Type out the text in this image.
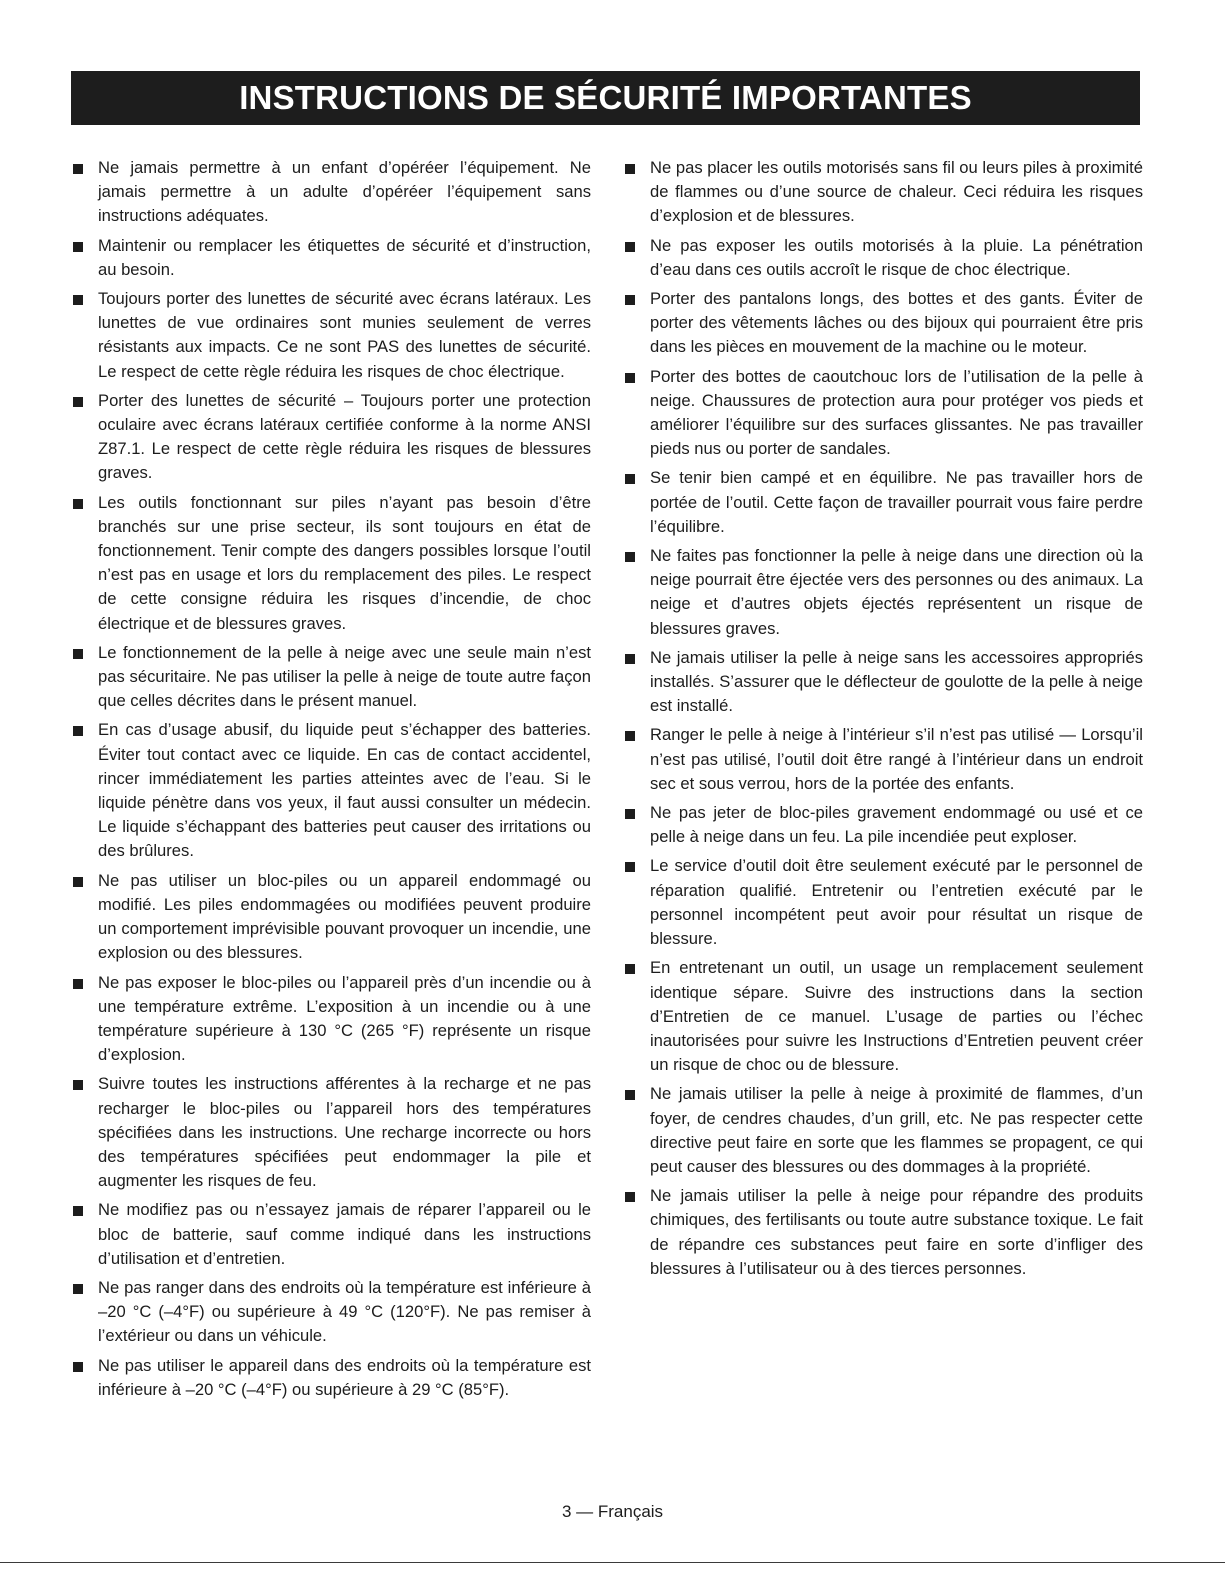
INSTRUCTIONS DE SÉCURITÉ IMPORTANTES
Ne jamais permettre à un enfant d’opéréer l’équipement. Ne jamais permettre à un adulte d’opéréer l’équipement sans instructions adéquates.
Maintenir ou remplacer les étiquettes de sécurité et d’instruction, au besoin.
Toujours porter des lunettes de sécurité avec écrans latéraux. Les lunettes de vue ordinaires sont munies seulement de verres résistants aux impacts. Ce ne sont PAS des lunettes de sécurité. Le respect de cette règle réduira les risques de choc électrique.
Porter des lunettes de sécurité – Toujours porter une protection oculaire avec écrans latéraux certifiée conforme à la norme ANSI Z87.1. Le respect de cette règle réduira les risques de blessures graves.
Les outils fonctionnant sur piles n’ayant pas besoin d’être branchés sur une prise secteur, ils sont toujours en état de fonctionnement. Tenir compte des dangers possibles lorsque l’outil n’est pas en usage et lors du remplacement des piles. Le respect de cette consigne réduira les risques d’incendie, de choc électrique et de blessures graves.
Le fonctionnement de la pelle à neige avec une seule main n’est pas sécuritaire. Ne pas utiliser la pelle à neige de toute autre façon que celles décrites dans le présent manuel.
En cas d’usage abusif, du liquide peut s’échapper des batteries. Éviter tout contact avec ce liquide. En cas de contact accidentel, rincer immédiatement les parties atteintes avec de l’eau. Si le liquide pénètre dans vos yeux, il faut aussi consulter un médecin. Le liquide s’échappant des batteries peut causer des irritations ou des brûlures.
Ne pas utiliser un bloc-piles ou un appareil endommagé ou modifié. Les piles endommagées ou modifiées peuvent produire un comportement imprévisible pouvant provoquer un incendie, une explosion ou des blessures.
Ne pas exposer le bloc-piles ou l’appareil près d’un incendie ou à une température extrême. L’exposition à un incendie ou à une température supérieure à 130 °C (265 °F) représente un risque d’explosion.
Suivre toutes les instructions afférentes à la recharge et ne pas recharger le bloc-piles ou l’appareil hors des températures spécifiées dans les instructions. Une recharge incorrecte ou hors des températures spécifiées peut endommager la pile et augmenter les risques de feu.
Ne modifiez pas ou n’essayez jamais de réparer l’appareil ou le bloc de batterie, sauf comme indiqué dans les instructions d’utilisation et d’entretien.
Ne pas ranger dans des endroits où la température est inférieure à –20 °C (–4°F) ou supérieure à 49 °C (120°F). Ne pas remiser à l’extérieur ou dans un véhicule.
Ne pas utiliser le appareil dans des endroits où la température est inférieure à –20 °C (–4°F) ou supérieure à 29 °C (85°F).
Ne pas placer les outils motorisés sans fil ou leurs piles à proximité de flammes ou d’une source de chaleur. Ceci réduira les risques d’explosion et de blessures.
Ne pas exposer les outils motorisés à la pluie. La pénétration d’eau dans ces outils accroît le risque de choc électrique.
Porter des pantalons longs, des bottes et des gants. Éviter de porter des vêtements lâches ou des bijoux qui pourraient être pris dans les pièces en mouvement de la machine ou le moteur.
Porter des bottes de caoutchouc lors de l’utilisation de la pelle à neige. Chaussures de protection aura pour protéger vos pieds et améliorer l’équilibre sur des surfaces glissantes. Ne pas travailler pieds nus ou porter de sandales.
Se tenir bien campé et en équilibre. Ne pas travailler hors de portée de l’outil. Cette façon de travailler pourrait vous faire perdre l’équilibre.
Ne faites pas fonctionner la pelle à neige dans une direction où la neige pourrait être éjectée vers des personnes ou des animaux. La neige et d’autres objets éjectés représentent un risque de blessures graves.
Ne jamais utiliser la pelle à neige sans les accessoires appropriés installés. S’assurer que le déflecteur de goulotte de la pelle à neige est installé.
Ranger le pelle à neige à l’intérieur s’il n’est pas utilisé — Lorsqu’il n’est pas utilisé, l’outil doit être rangé à l’intérieur dans un endroit sec et sous verrou, hors de la portée des enfants.
Ne pas jeter de bloc-piles gravement endommagé ou usé et ce pelle à neige dans un feu. La pile incendiée peut exploser.
Le service d’outil doit être seulement exécuté par le personnel de réparation qualifié. Entretenir ou l’entretien exécuté par le personnel incompétent peut avoir pour résultat un risque de blessure.
En entretenant un outil, un usage un remplacement seulement identique sépare. Suivre des instructions dans la section d’Entretien de ce manuel. L’usage de parties ou l’échec inautorisées pour suivre les Instructions d’Entretien peuvent créer un risque de choc ou de blessure.
Ne jamais utiliser la pelle à neige à proximité de flammes, d’un foyer, de cendres chaudes, d’un grill, etc. Ne pas respecter cette directive peut faire en sorte que les flammes se propagent, ce qui peut causer des blessures ou des dommages à la propriété.
Ne jamais utiliser la pelle à neige pour répandre des produits chimiques, des fertilisants ou toute autre substance toxique. Le fait de répandre ces substances peut faire en sorte d’infliger des blessures à l’utilisateur ou à des tierces personnes.
3 — Français
